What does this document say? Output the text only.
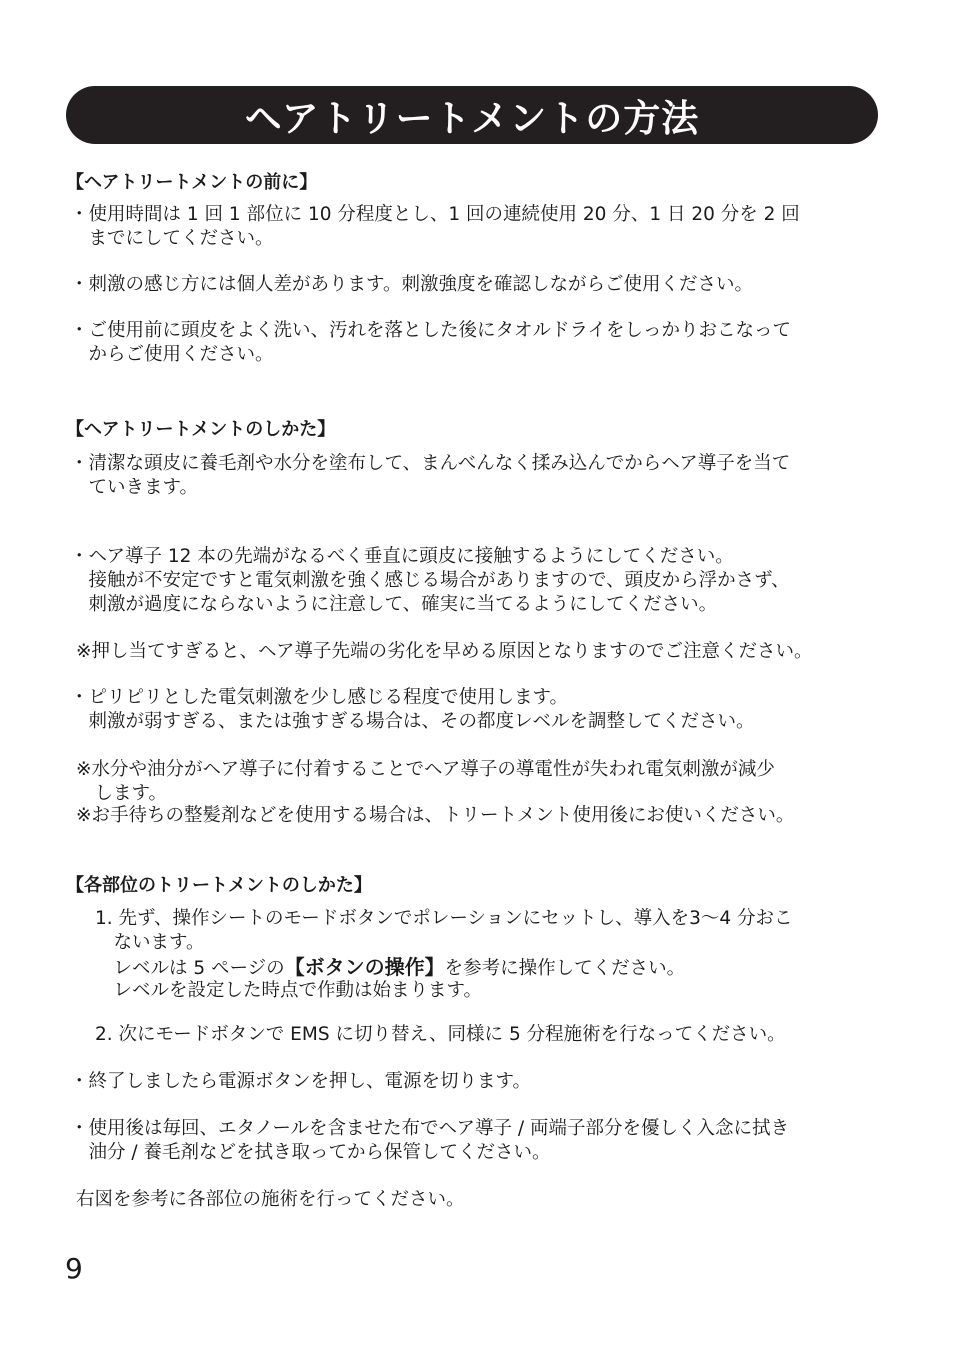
ヘアトリートメントの方法
【ヘアトリートメントの前に】
・使用時間は 1 回 1 部位に 10 分程度とし、1 回の連続使用 20 分、1 日 20 分を 2 回
　までにしてください。
・刺激の感じ方には個人差があります。刺激強度を確認しながらご使用ください。
・ご使用前に頭皮をよく洗い、汚れを落とした後にタオルドライをしっかりおこなって
　からご使用ください。
【ヘアトリートメントのしかた】
・清潔な頭皮に養毛剤や水分を塗布して、まんべんなく揉み込んでからヘア導子を当て
　ていきます。
・ヘア導子 12 本の先端がなるべく垂直に頭皮に接触するようにしてください。
　接触が不安定ですと電気刺激を強く感じる場合がありますので、頭皮から浮かさず、
　刺激が過度にならないように注意して、確実に当てるようにしてください。
※押し当てすぎると、ヘア導子先端の劣化を早める原因となりますのでご注意ください。
・ピリピリとした電気刺激を少し感じる程度で使用します。
　刺激が弱すぎる、または強すぎる場合は、その都度レベルを調整してください。
※水分や油分がヘア導子に付着することでヘア導子の導電性が失われ電気刺激が減少
　します。
※お手待ちの整髪剤などを使用する場合は、トリートメント使用後にお使いください。
【各部位のトリートメントのしかた】
1. 先ず、操作シートのモードボタンでポレーションにセットし、導入を3〜4 分おこ
　ないます。
　レベルは 5 ページの【ボタンの操作】を参考に操作してください。
　レベルを設定した時点で作動は始まります。
2. 次にモードボタンで EMS に切り替え、同様に 5 分程施術を行なってください。
・終了しましたら電源ボタンを押し、電源を切ります。
・使用後は毎回、エタノールを含ませた布でヘア導子 / 両端子部分を優しく入念に拭き
　油分 / 養毛剤などを拭き取ってから保管してください。
右図を参考に各部位の施術を行ってください。
9
